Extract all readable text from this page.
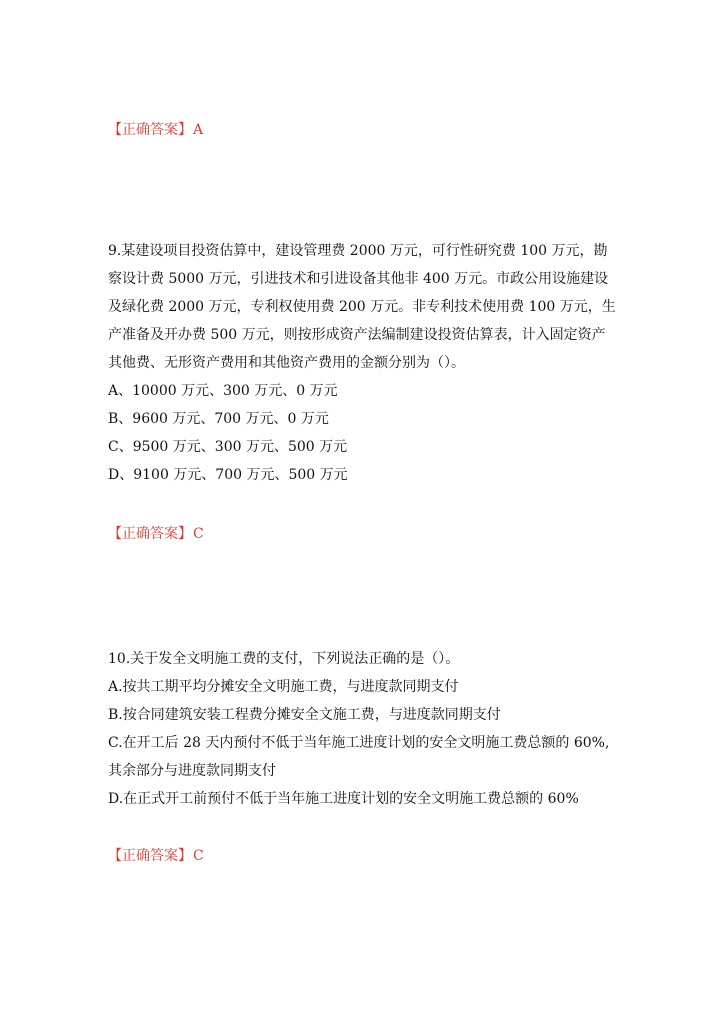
【正确答案】A

9.某建设项目投资估算中，建设管理费 2000 万元，可行性研究费 100 万元，勘

察设计费 5000 万元，引进技术和引进设备其他非 400 万元。市政公用设施建设

及绿化费 2000 万元，专利权使用费 200 万元。非专利技术使用费 100 万元，生

产准备及开办费 500 万元，则按形成资产法编制建设投资估算表，计入固定资产

其他费、无形资产费用和其他资产费用的金额分别为（）。

A、10000 万元、300 万元、0 万元

B、9600 万元、700 万元、0 万元

C、9500 万元、300 万元、500 万元

D、9100 万元、700 万元、500 万元

【正确答案】C

10.关于发全文明施工费的支付，下列说法正确的是（）。

A.按共工期平均分摊安全文明施工费，与进度款同期支付

B.按合同建筑安装工程费分摊安全文施工费，与进度款同期支付

C.在开工后 28 天内预付不低于当年施工进度计划的安全文明施工费总额的 60%,

其余部分与进度款同期支付

D.在正式开工前预付不低于当年施工进度计划的安全文明施工费总额的 60%

【正确答案】C
